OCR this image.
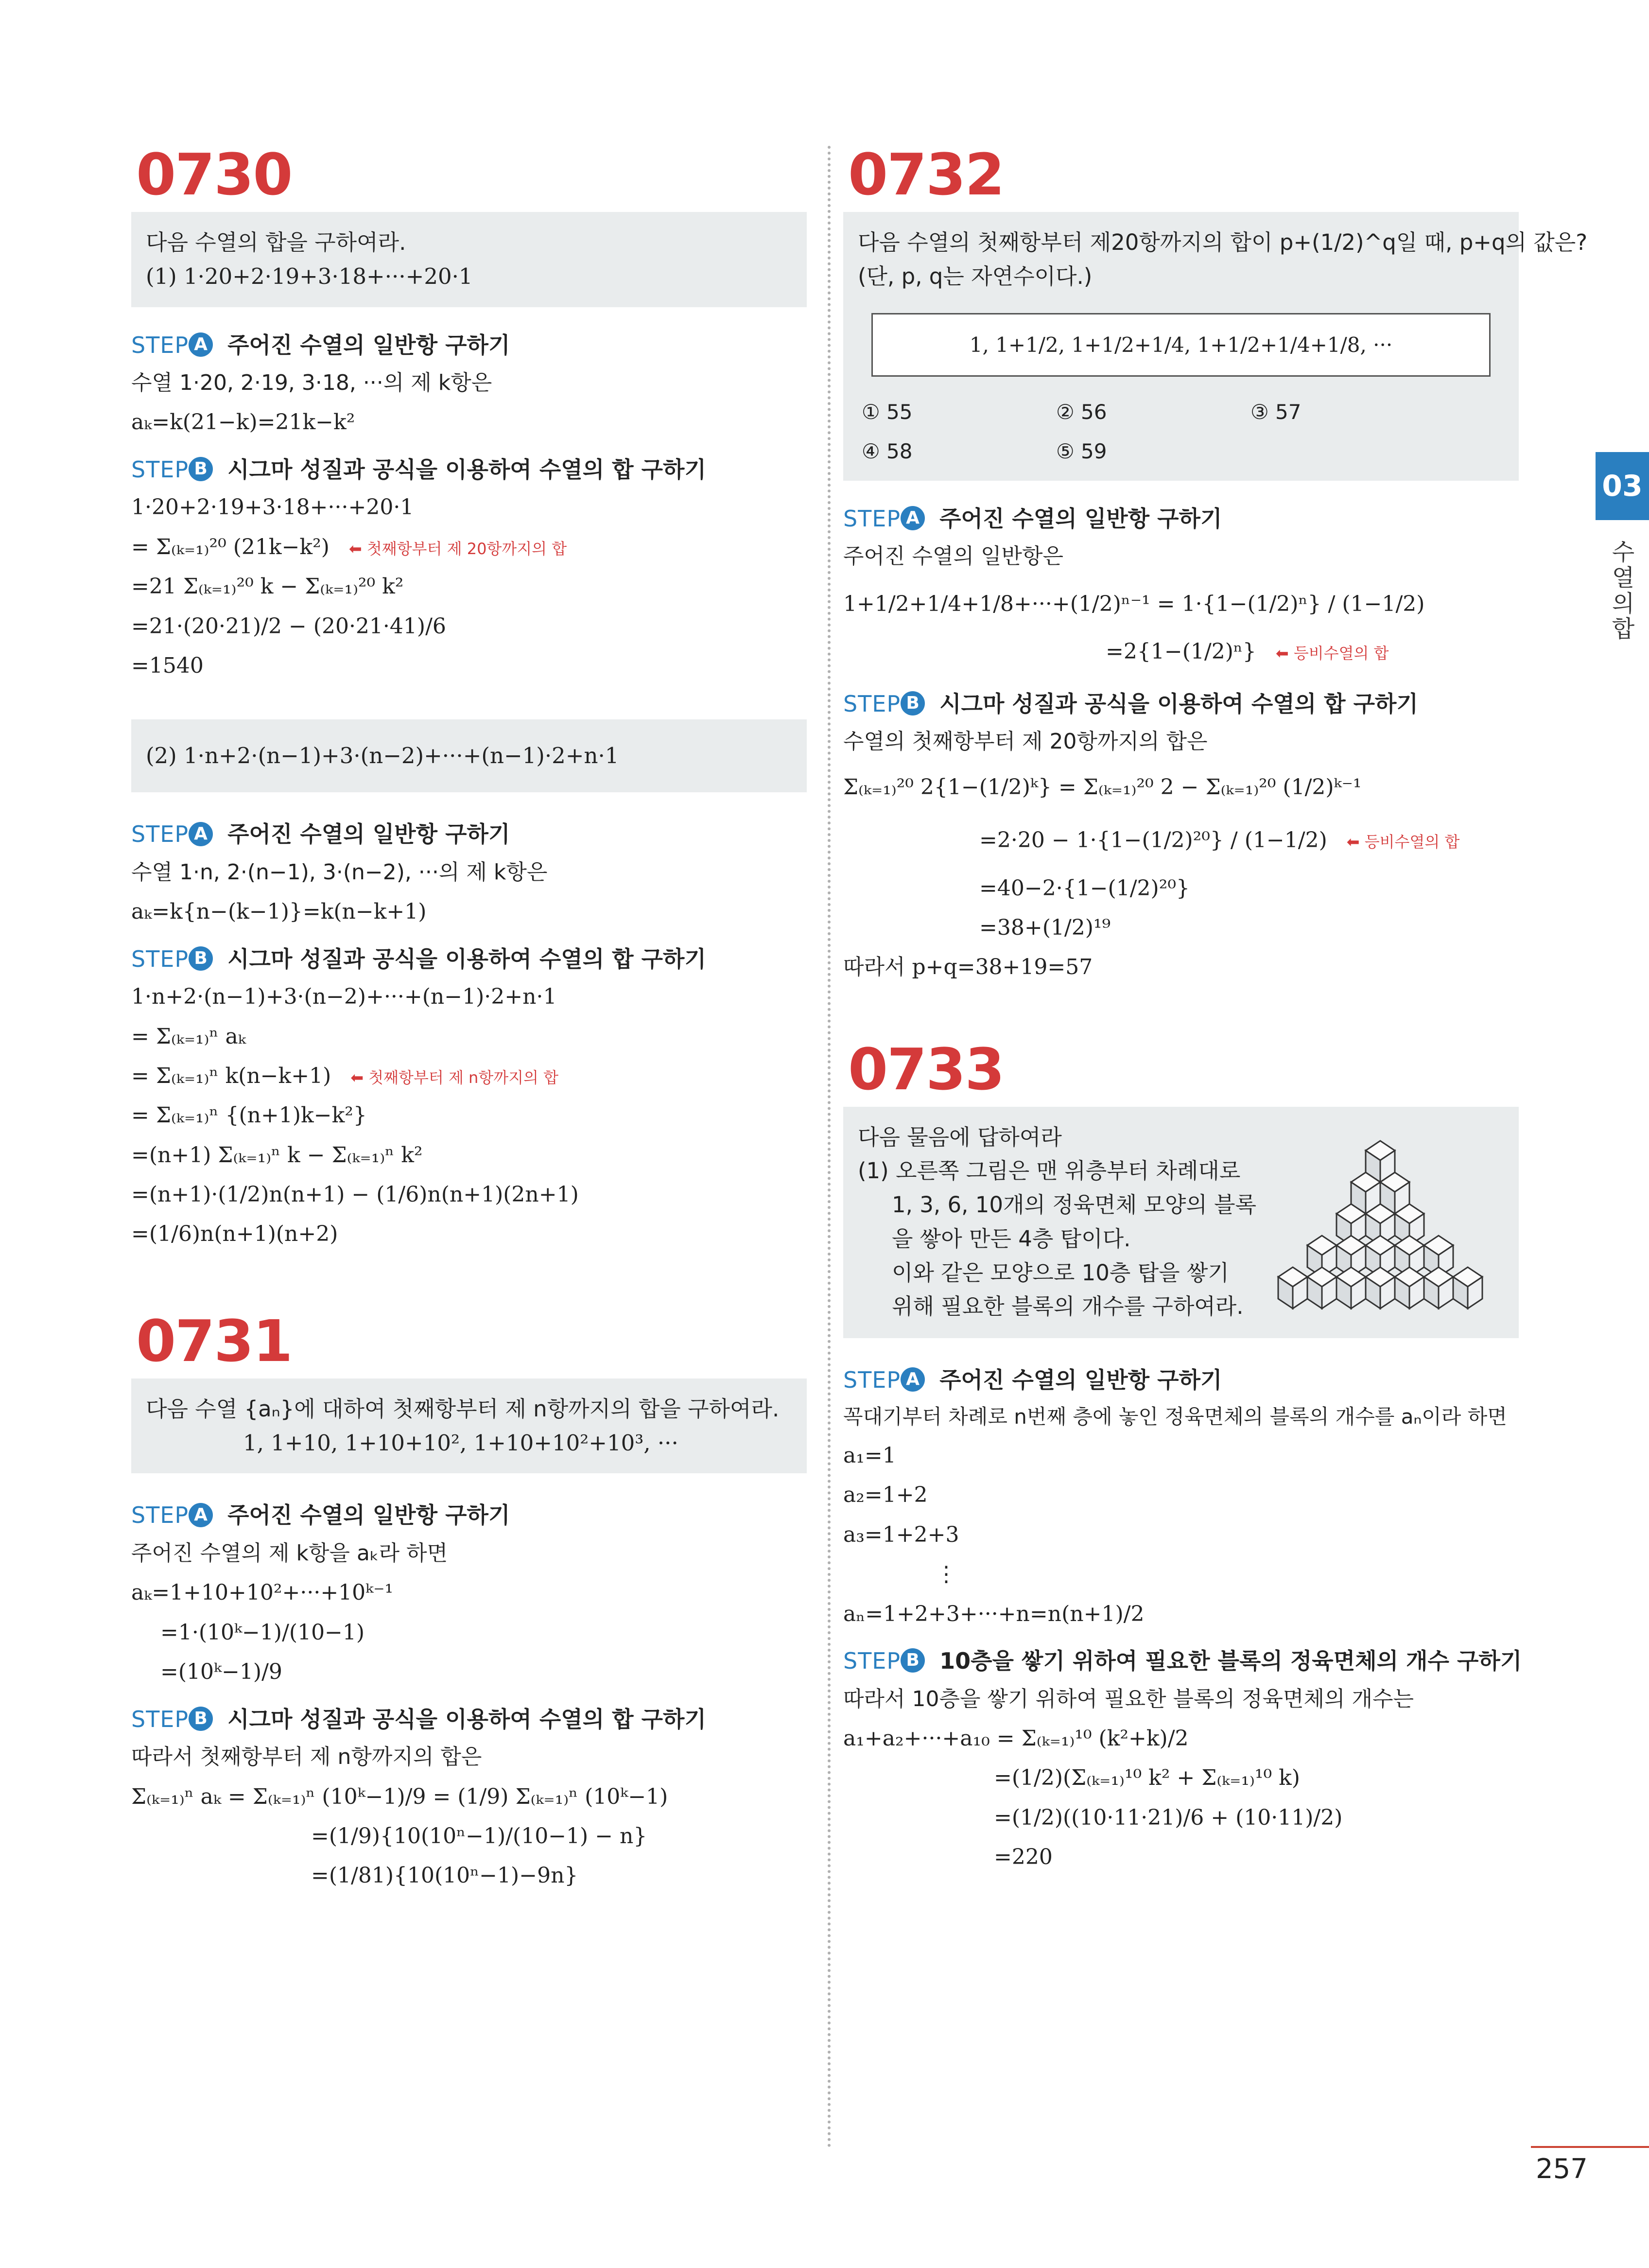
03
수열의 합
0730
다음 수열의 합을 구하여라.
(1) 1·20+2·19+3·18+···+20·1
STEP A 주어진 수열의 일반항 구하기
수열 1·20, 2·19, 3·18, ···의 제 k항은
aₖ=k(21−k)=21k−k²
STEP B 시그마 성질과 공식을 이용하여 수열의 합 구하기
1·20+2·19+3·18+···+20·1
= Σ₍ₖ₌₁₎²⁰ (21k−k²) ⬅ 첫째항부터 제 20항까지의 합
=21 Σ₍ₖ₌₁₎²⁰ k − Σ₍ₖ₌₁₎²⁰ k²
=21·(20·21)/2 − (20·21·41)/6
=1540
(2) 1·n+2·(n−1)+3·(n−2)+···+(n−1)·2+n·1
STEP A 주어진 수열의 일반항 구하기
수열 1·n, 2·(n−1), 3·(n−2), ···의 제 k항은
aₖ=k{n−(k−1)}=k(n−k+1)
STEP B 시그마 성질과 공식을 이용하여 수열의 합 구하기
1·n+2·(n−1)+3·(n−2)+···+(n−1)·2+n·1
= Σ₍ₖ₌₁₎ⁿ aₖ
= Σ₍ₖ₌₁₎ⁿ k(n−k+1) ⬅ 첫째항부터 제 n항까지의 합
= Σ₍ₖ₌₁₎ⁿ {(n+1)k−k²}
=(n+1) Σ₍ₖ₌₁₎ⁿ k − Σ₍ₖ₌₁₎ⁿ k²
=(n+1)·(1/2)n(n+1) − (1/6)n(n+1)(2n+1)
=(1/6)n(n+1)(n+2)
0731
다음 수열 {aₙ}에 대하여 첫째항부터 제 n항까지의 합을 구하여라.
1, 1+10, 1+10+10², 1+10+10²+10³, ···
STEP A 주어진 수열의 일반항 구하기
주어진 수열의 제 k항을 aₖ라 하면
aₖ=1+10+10²+···+10ᵏ⁻¹
=1·(10ᵏ−1)/(10−1)
=(10ᵏ−1)/9
STEP B 시그마 성질과 공식을 이용하여 수열의 합 구하기
따라서 첫째항부터 제 n항까지의 합은
Σ₍ₖ₌₁₎ⁿ aₖ = Σ₍ₖ₌₁₎ⁿ (10ᵏ−1)/9 = (1/9) Σ₍ₖ₌₁₎ⁿ (10ᵏ−1)
=(1/9){10(10ⁿ−1)/(10−1) − n}
=(1/81){10(10ⁿ−1)−9n}
0732
다음 수열의 첫째항부터 제20항까지의 합이 p+(1/2)^q일 때, p+q의 값은?
(단, p, q는 자연수이다.)
1, 1+1/2, 1+1/2+1/4, 1+1/2+1/4+1/8, ···
① 55	② 56	③ 57
④ 58	⑤ 59
STEP A 주어진 수열의 일반항 구하기
주어진 수열의 일반항은
1+1/2+1/4+1/8+···+(1/2)ⁿ⁻¹ = 1·{1−(1/2)ⁿ} / (1−1/2)
=2{1−(1/2)ⁿ} ⬅ 등비수열의 합
STEP B 시그마 성질과 공식을 이용하여 수열의 합 구하기
수열의 첫째항부터 제 20항까지의 합은
Σ₍ₖ₌₁₎²⁰ 2{1−(1/2)ᵏ} = Σ₍ₖ₌₁₎²⁰ 2 − Σ₍ₖ₌₁₎²⁰ (1/2)ᵏ⁻¹
=2·20 − 1·{1−(1/2)²⁰} / (1−1/2) ⬅ 등비수열의 합
=40−2·{1−(1/2)²⁰}
=38+(1/2)¹⁹
따라서 p+q=38+19=57
0733
다음 물음에 답하여라
(1) 오른쪽 그림은 맨 위층부터 차례대로
1, 3, 6, 10개의 정육면체 모양의 블록
을 쌓아 만든 4층 탑이다.
이와 같은 모양으로 10층 탑을 쌓기
위해 필요한 블록의 개수를 구하여라.
STEP A 주어진 수열의 일반항 구하기
꼭대기부터 차례로 n번째 층에 놓인 정육면체의 블록의 개수를 aₙ이라 하면
a₁=1
a₂=1+2
a₃=1+2+3
⋮
aₙ=1+2+3+···+n=n(n+1)/2
STEP B 10층을 쌓기 위하여 필요한 블록의 정육면체의 개수 구하기
따라서 10층을 쌓기 위하여 필요한 블록의 정육면체의 개수는
a₁+a₂+···+a₁₀ = Σ₍ₖ₌₁₎¹⁰ (k²+k)/2
=(1/2)(Σ₍ₖ₌₁₎¹⁰ k² + Σ₍ₖ₌₁₎¹⁰ k)
=(1/2)((10·11·21)/6 + (10·11)/2)
=220
257
